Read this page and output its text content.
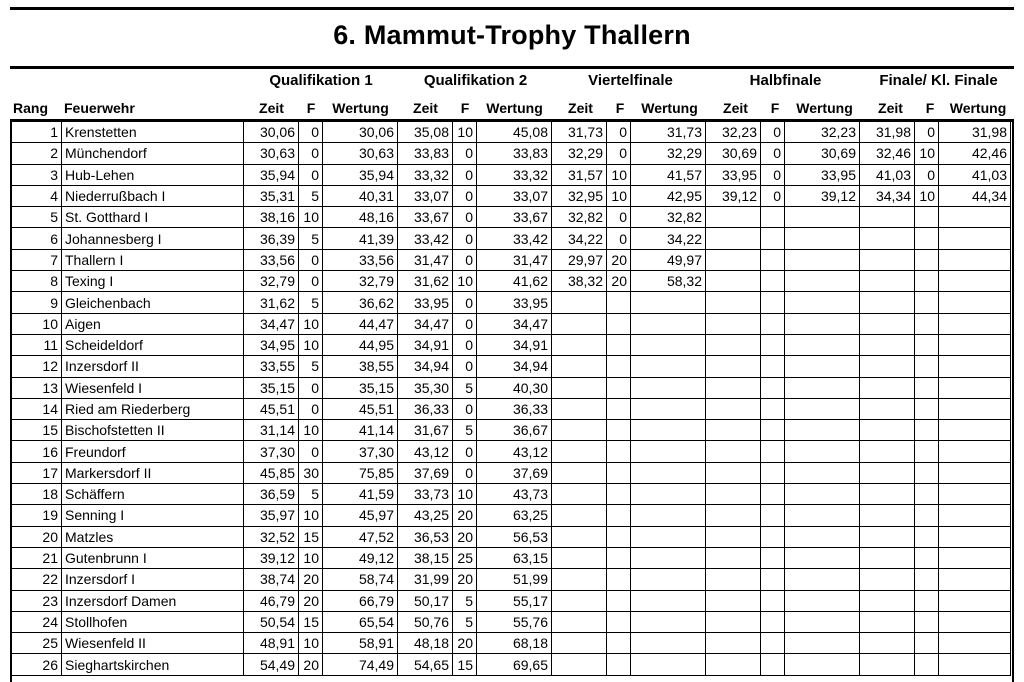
6. Mammut-Trophy Thallern
Qualifikation 1	Qualifikation 2	Viertelfinale	Halbfinale	Finale/ Kl. Finale
Rang Feuerwehr	Zeit	F	Wertung	Zeit	F	Wertung	Zeit	F	Wertung	Zeit	F	Wertung	Zeit	F	Wertung
1	Krenstetten	30,06	0	30,06	35,08	10	45,08	31,73	0	31,73	32,23	0	32,23	31,98	0	31,98
2	Münchendorf	30,63	0	30,63	33,83	0	33,83	32,29	0	32,29	30,69	0	30,69	32,46	10	42,46
3	Hub-Lehen	35,94	0	35,94	33,32	0	33,32	31,57	10	41,57	33,95	0	33,95	41,03	0	41,03
4	Niederrußbach I	35,31	5	40,31	33,07	0	33,07	32,95	10	42,95	39,12	0	39,12	34,34	10	44,34
5	St. Gotthard I	38,16	10	48,16	33,67	0	33,67	32,82	0	32,82						
6	Johannesberg I	36,39	5	41,39	33,42	0	33,42	34,22	0	34,22						
7	Thallern I	33,56	0	33,56	31,47	0	31,47	29,97	20	49,97						
8	Texing I	32,79	0	32,79	31,62	10	41,62	38,32	20	58,32						
9	Gleichenbach	31,62	5	36,62	33,95	0	33,95									
10	Aigen	34,47	10	44,47	34,47	0	34,47									
11	Scheideldorf	34,95	10	44,95	34,91	0	34,91									
12	Inzersdorf II	33,55	5	38,55	34,94	0	34,94									
13	Wiesenfeld I	35,15	0	35,15	35,30	5	40,30									
14	Ried am Riederberg	45,51	0	45,51	36,33	0	36,33									
15	Bischofstetten II	31,14	10	41,14	31,67	5	36,67									
16	Freundorf	37,30	0	37,30	43,12	0	43,12									
17	Markersdorf II	45,85	30	75,85	37,69	0	37,69									
18	Schäffern	36,59	5	41,59	33,73	10	43,73									
19	Senning I	35,97	10	45,97	43,25	20	63,25									
20	Matzles	32,52	15	47,52	36,53	20	56,53									
21	Gutenbrunn I	39,12	10	49,12	38,15	25	63,15									
22	Inzersdorf I	38,74	20	58,74	31,99	20	51,99									
23	Inzersdorf Damen	46,79	20	66,79	50,17	5	55,17									
24	Stollhofen	50,54	15	65,54	50,76	5	55,76									
25	Wiesenfeld II	48,91	10	58,91	48,18	20	68,18									
26	Sieghartskirchen	54,49	20	74,49	54,65	15	69,65									
